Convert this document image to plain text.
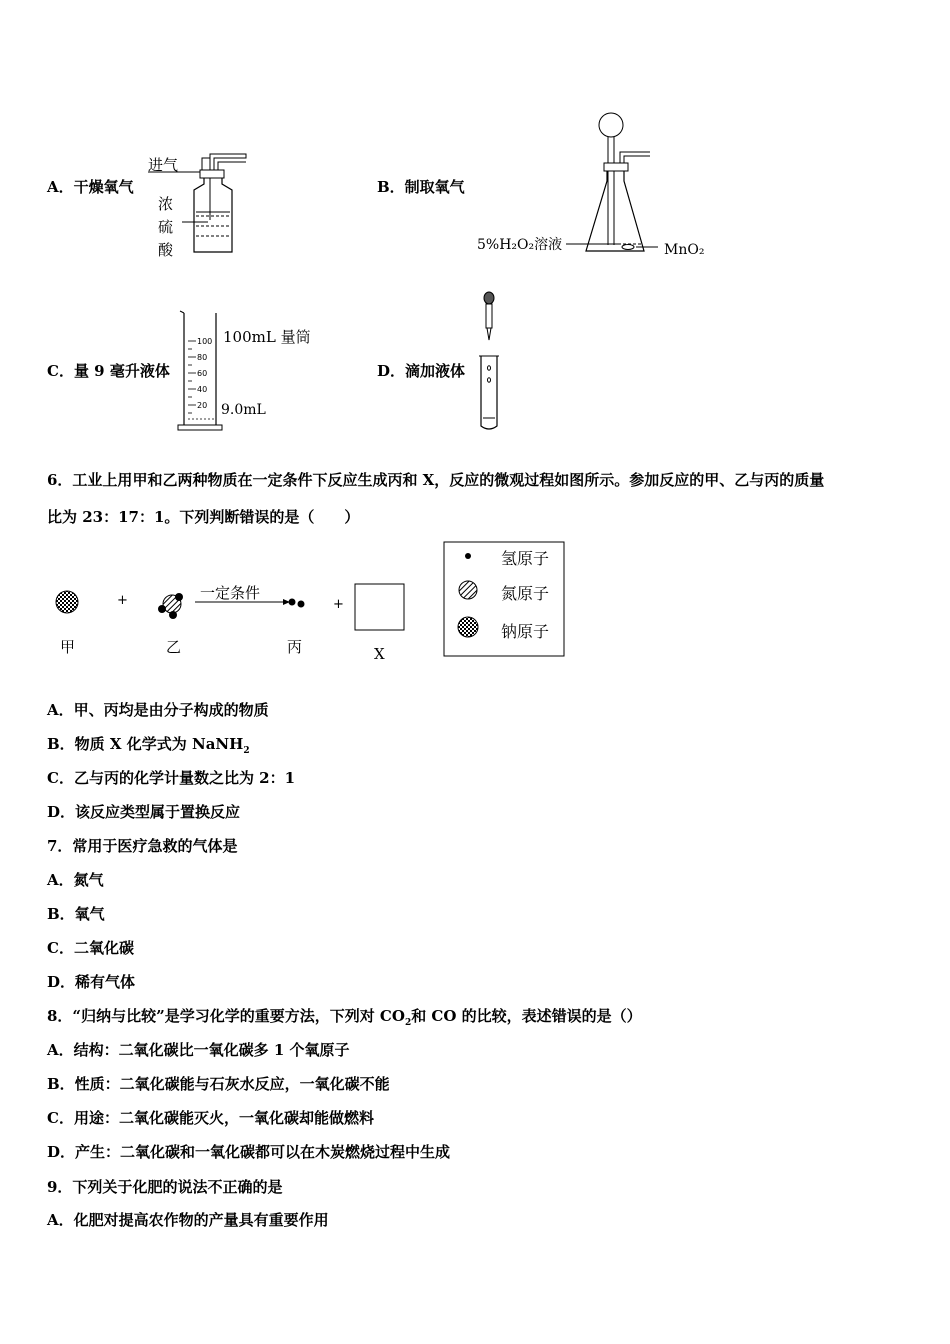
A．干燥氧气
进气
浓
硫
酸
B．制取氧气
5%H₂O₂溶液	MnO₂
C．量 9 毫升液体
100
80
60
40
20
100mL 量筒
9.0mL
D．滴加液体
6．工业上用甲和乙两种物质在一定条件下反应生成丙和 X，反应的微观过程如图所示。参加反应的甲、乙与丙的质量
比为 23：17：1。下列判断错误的是（　　）
+	+
一定条件
甲	乙	丙	X
氢原子
氮原子
钠原子
A．甲、丙均是由分子构成的物质
B．物质 X 化学式为 NaNH$_2$
C．乙与丙的化学计量数之比为 2：1
D．该反应类型属于置换反应
7．常用于医疗急救的气体是
A．氮气
B．氧气
C．二氧化碳
D．稀有气体
8．“归纳与比较”是学习化学的重要方法，下列对 $CO_2$和 CO 的比较，表述错误的是（）
A．结构：二氧化碳比一氧化碳多 1 个氧原子
B．性质：二氧化碳能与石灰水反应，一氧化碳不能
C．用途：二氧化碳能灭火，一氧化碳却能做燃料
D．产生：二氧化碳和一氧化碳都可以在木炭燃烧过程中生成
9．下列关于化肥的说法不正确的是
A．化肥对提高农作物的产量具有重要作用
